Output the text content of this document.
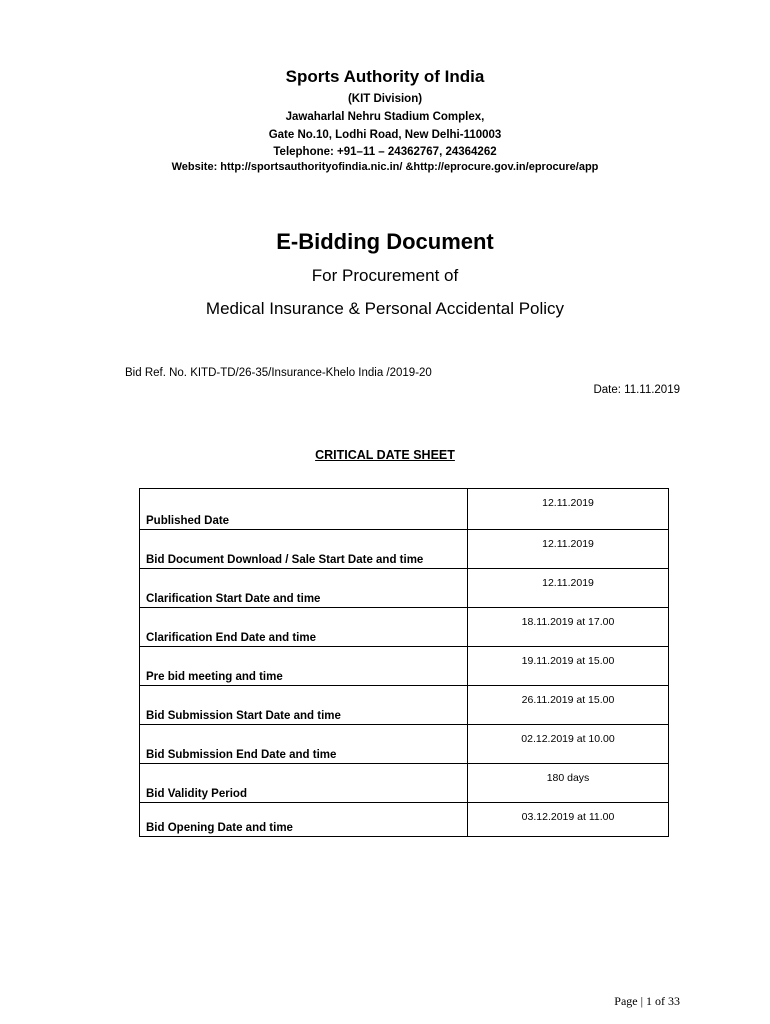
Sports Authority of India
(KIT Division)
Jawaharlal Nehru Stadium Complex,
Gate No.10, Lodhi Road, New Delhi-110003
Telephone: +91–11 – 24362767, 24364262
Website: http://sportsauthorityofindia.nic.in/ &http://eprocure.gov.in/eprocure/app
E-Bidding Document
For Procurement of
Medical Insurance & Personal Accidental Policy
Bid Ref. No. KITD-TD/26-35/Insurance-Khelo India /2019-20
Date: 11.11.2019
CRITICAL DATE SHEET
Published Date	12.11.2019
Bid Document Download / Sale Start Date and time	12.11.2019
Clarification Start Date and time	12.11.2019
Clarification End Date and time	18.11.2019 at 17.00
Pre bid meeting and time	19.11.2019 at 15.00
Bid Submission Start Date and time	26.11.2019 at 15.00
Bid Submission End Date and time	02.12.2019 at 10.00
Bid Validity Period	180 days
Bid Opening Date and time	03.12.2019 at 11.00
Page | 1 of 33
